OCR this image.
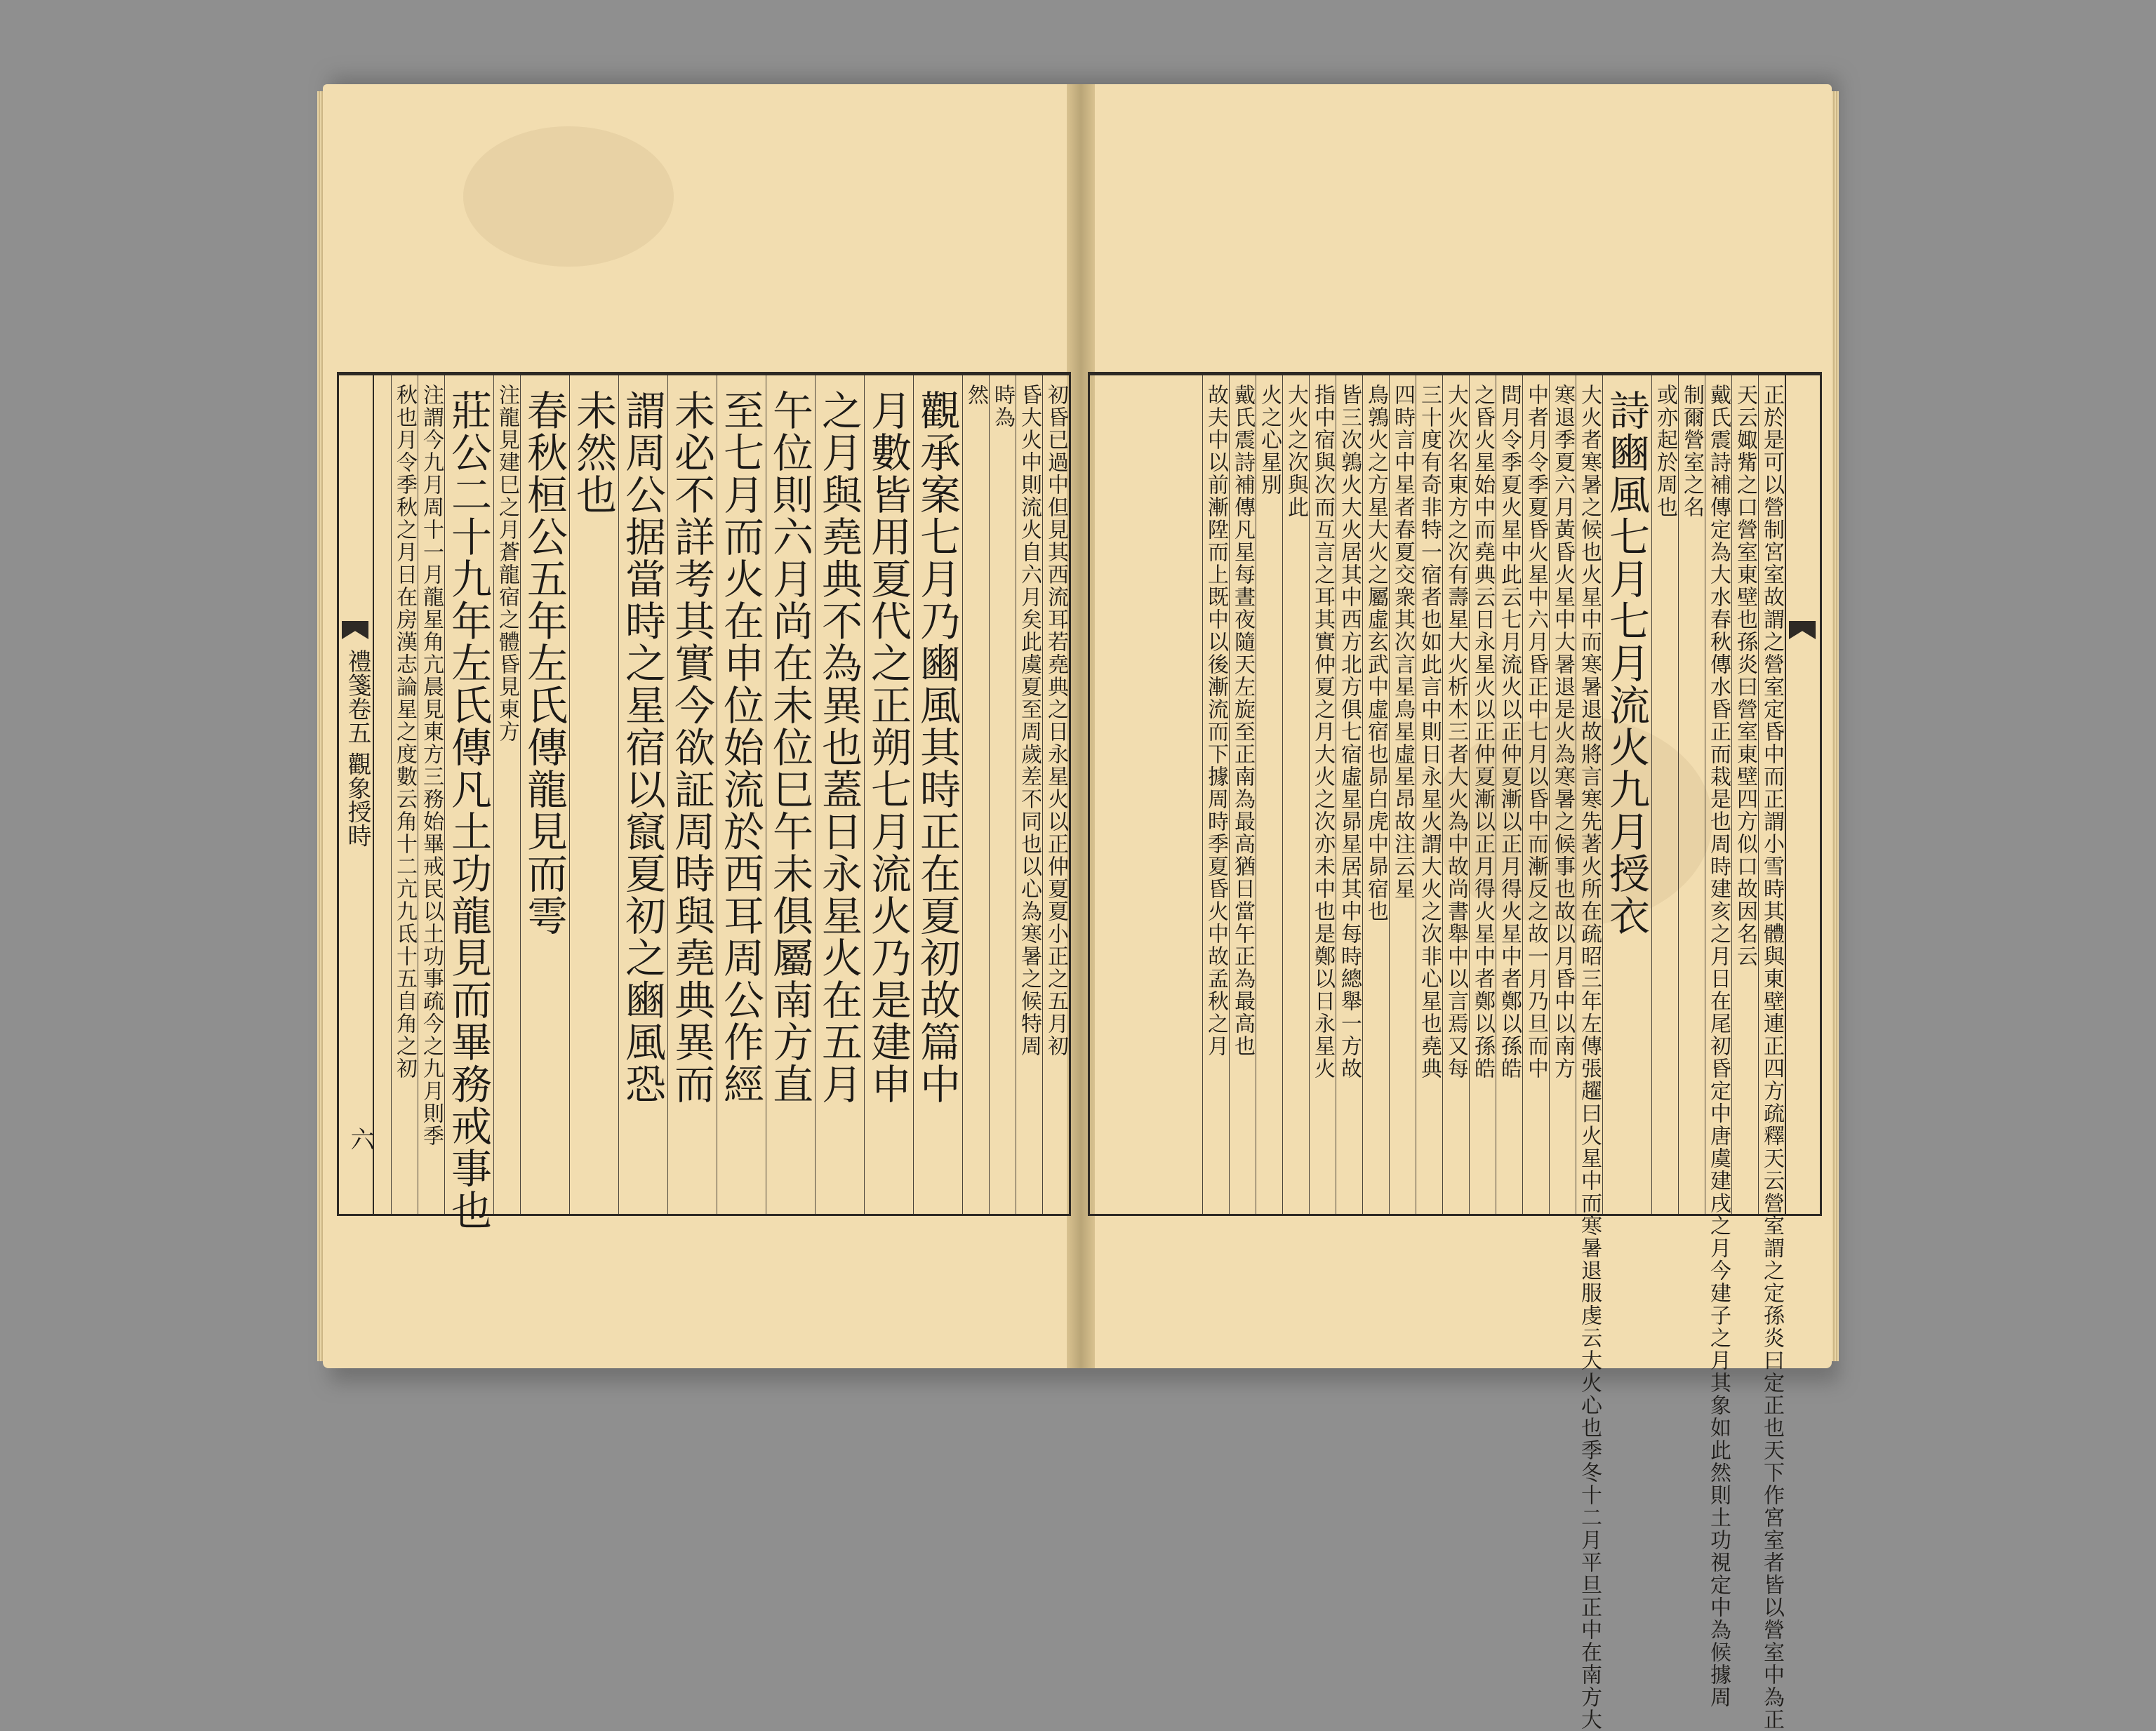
禮箋卷五 觀象授時
六
初昏已過中但見其西流耳若堯典之日永星火以正仲夏夏小正之五月初
昏大火中則流火自六月矣此虞夏至周歲差不同也以心為寒暑之候特周
時為
然
觀承案七月乃豳風其時正在夏初故篇中
月數皆用夏代之正朔七月流火乃是建申
之月與堯典不為異也蓋日永星火在五月
午位則六月尚在未位巳午未俱屬南方直
至七月而火在申位始流於西耳周公作經
未必不詳考其實今欲証周時與堯典異而
謂周公据當時之星宿以竄夏初之豳風恐
未然也
春秋桓公五年左氏傳龍見而雩
注龍見建巳之月蒼龍宿之體昏見東方
莊公二十九年左氏傳凡土功龍見而畢務戒事也
注謂今九月周十一月龍星角亢晨見東方三務始畢戒民以土功事疏今之九月則季
秋也月令季秋之月日在房漢志論星之度數云角十二亢九氐十五自角之初	正於是可以營制宮室故謂之營室定昏中而正謂小雪時其體與東壁連正四方疏釋天云營室謂之定孫炎曰定正也天下作宮室者皆以營室中為正
天云娵觜之口營室東壁也孫炎曰營室東壁四方似口故因名云
戴氏震詩補傳定為大水春秋傳水昏正而栽是也周時建亥之月日在尾初昏定中唐虞建戌之月今建子之月其象如此然則土功視定中為候據周
制爾營室之名
或亦起於周也
詩豳風七月七月流火九月授衣
大火者寒暑之候也火星中而寒暑退故將言寒先著火所在疏昭三年左傳張趯曰火星中而寒暑退服虔云大火心也季冬十二月平旦正中在南方大
寒退季夏六月黃昏火星中大暑退是火為寒暑之候事也故以月昏中以南方
中者月令季夏昏火星中六月昏正中七月以昏中而漸反之故一月乃旦而中
問月令季夏火星中此云七月流火以正仲夏漸以正月得火星中者鄭以孫皓
之昏火星始中而堯典云日永星火以正仲夏漸以正月得火星中者鄭以孫皓
大火次名東方之次有壽星大火析木三者大火為中故尚書舉中以言焉又每
三十度有奇非特一宿者也如此言中則日永星火謂大火之次非心星也堯典
四時言中星者春夏交衆其次言星鳥星虛星昂故注云星
鳥鶉火之方星大火之屬虛玄武中虛宿也昴白虎中昴宿也
皆三次鶉火大火居其中西方北方俱七宿虛星昴星居其中每時總舉一方故
指中宿與次而互言之耳其實仲夏之月大火之次亦未中也是鄭以日永星火
大火之次與此
火之心星別
戴氏震詩補傳凡星每晝夜隨天左旋至正南為最高猶日當午正為最高也
故夫中以前漸陞而上既中以後漸流而下據周時季夏昏火中故孟秋之月
